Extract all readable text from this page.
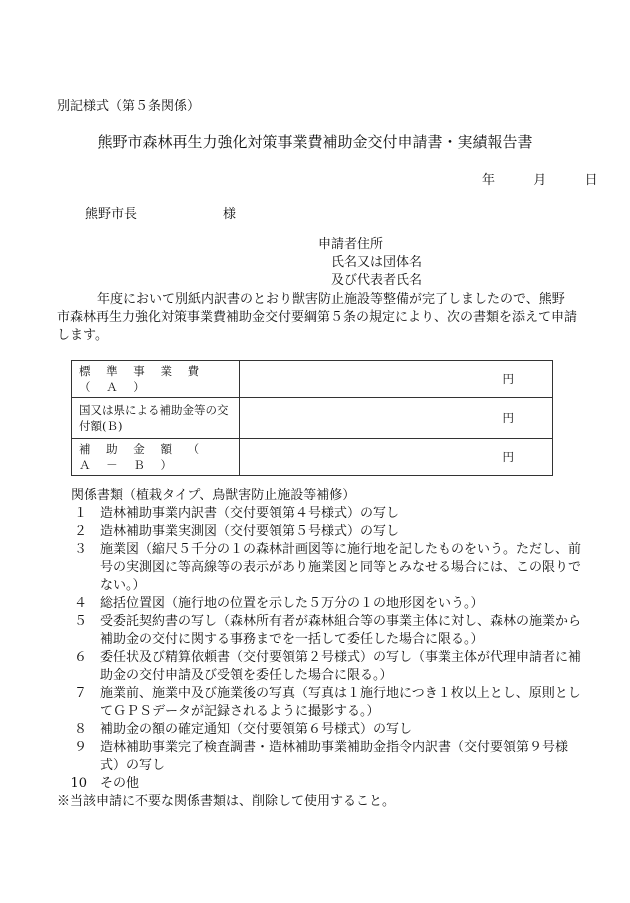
別記様式（第５条関係）
熊野市森林再生力強化対策事業費補助金交付申請書・実績報告書
年	月	日
熊野市長	様
申請者住所
氏名又は団体名
及び代表者氏名
年度において別紙内訳書のとおり獣害防止施設等整備が完了しましたので、熊野市森林再生力強化対策事業費補助金交付要綱第５条の規定により、次の書類を添えて申請します。
標 準 事 業 費 （ Ａ ）	円
国又は県による補助金等の交付額(Ｂ)	円
補 助 金 額 （ Ａ － Ｂ ）	円
関係書類（植栽タイプ、鳥獣害防止施設等補修）
１	造林補助事業内訳書（交付要領第４号様式）の写し
２	造林補助事業実測図（交付要領第５号様式）の写し
３	施業図（縮尺５千分の１の森林計画図等に施行地を記したものをいう。ただし、前号の実測図に等高線等の表示があり施業図と同等とみなせる場合には、この限りでない。）
４	総括位置図（施行地の位置を示した５万分の１の地形図をいう。）
５	受委託契約書の写し（森林所有者が森林組合等の事業主体に対し、森林の施業から補助金の交付に関する事務までを一括して委任した場合に限る。）
６	委任状及び精算依頼書（交付要領第２号様式）の写し（事業主体が代理申請者に補助金の交付申請及び受領を委任した場合に限る。）
７	施業前、施業中及び施業後の写真（写真は１施行地につき１枚以上とし、原則としてＧＰＳデータが記録されるように撮影する。）
８	補助金の額の確定通知（交付要領第６号様式）の写し
９	造林補助事業完了検査調書・造林補助事業補助金指令内訳書（交付要領第９号様式）の写し
10	その他
※当該申請に不要な関係書類は、削除して使用すること。
